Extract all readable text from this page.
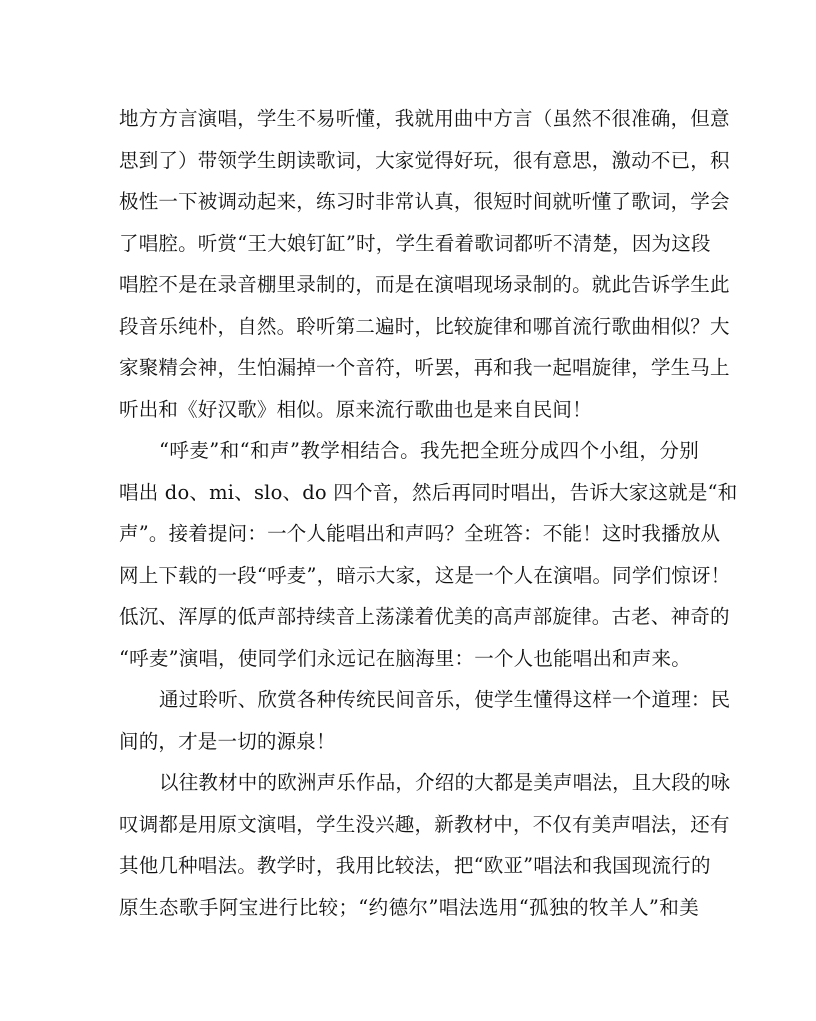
地方方言演唱，学生不易听懂，我就用曲中方言（虽然不很准确，但意
思到了）带领学生朗读歌词，大家觉得好玩，很有意思，激动不已，积
极性一下被调动起来，练习时非常认真，很短时间就听懂了歌词，学会
了唱腔。听赏“王大娘钉缸”时，学生看着歌词都听不清楚，因为这段
唱腔不是在录音棚里录制的，而是在演唱现场录制的。就此告诉学生此
段音乐纯朴，自然。聆听第二遍时，比较旋律和哪首流行歌曲相似？大
家聚精会神，生怕漏掉一个音符，听罢，再和我一起唱旋律，学生马上
听出和《好汉歌》相似。原来流行歌曲也是来自民间！
“呼麦”和“和声”教学相结合。我先把全班分成四个小组，分别
唱出 do、mi、slo、do 四个音，然后再同时唱出，告诉大家这就是“和
声”。接着提问：一个人能唱出和声吗？全班答：不能！这时我播放从
网上下载的一段“呼麦”，暗示大家，这是一个人在演唱。同学们惊讶！
低沉、浑厚的低声部持续音上荡漾着优美的高声部旋律。古老、神奇的
“呼麦”演唱，使同学们永远记在脑海里：一个人也能唱出和声来。
通过聆听、欣赏各种传统民间音乐，使学生懂得这样一个道理：民
间的，才是一切的源泉！
以往教材中的欧洲声乐作品，介绍的大都是美声唱法，且大段的咏
叹调都是用原文演唱，学生没兴趣，新教材中，不仅有美声唱法，还有
其他几种唱法。教学时，我用比较法，把“欧亚”唱法和我国现流行的
原生态歌手阿宝进行比较；“约德尔”唱法选用“孤独的牧羊人”和美
